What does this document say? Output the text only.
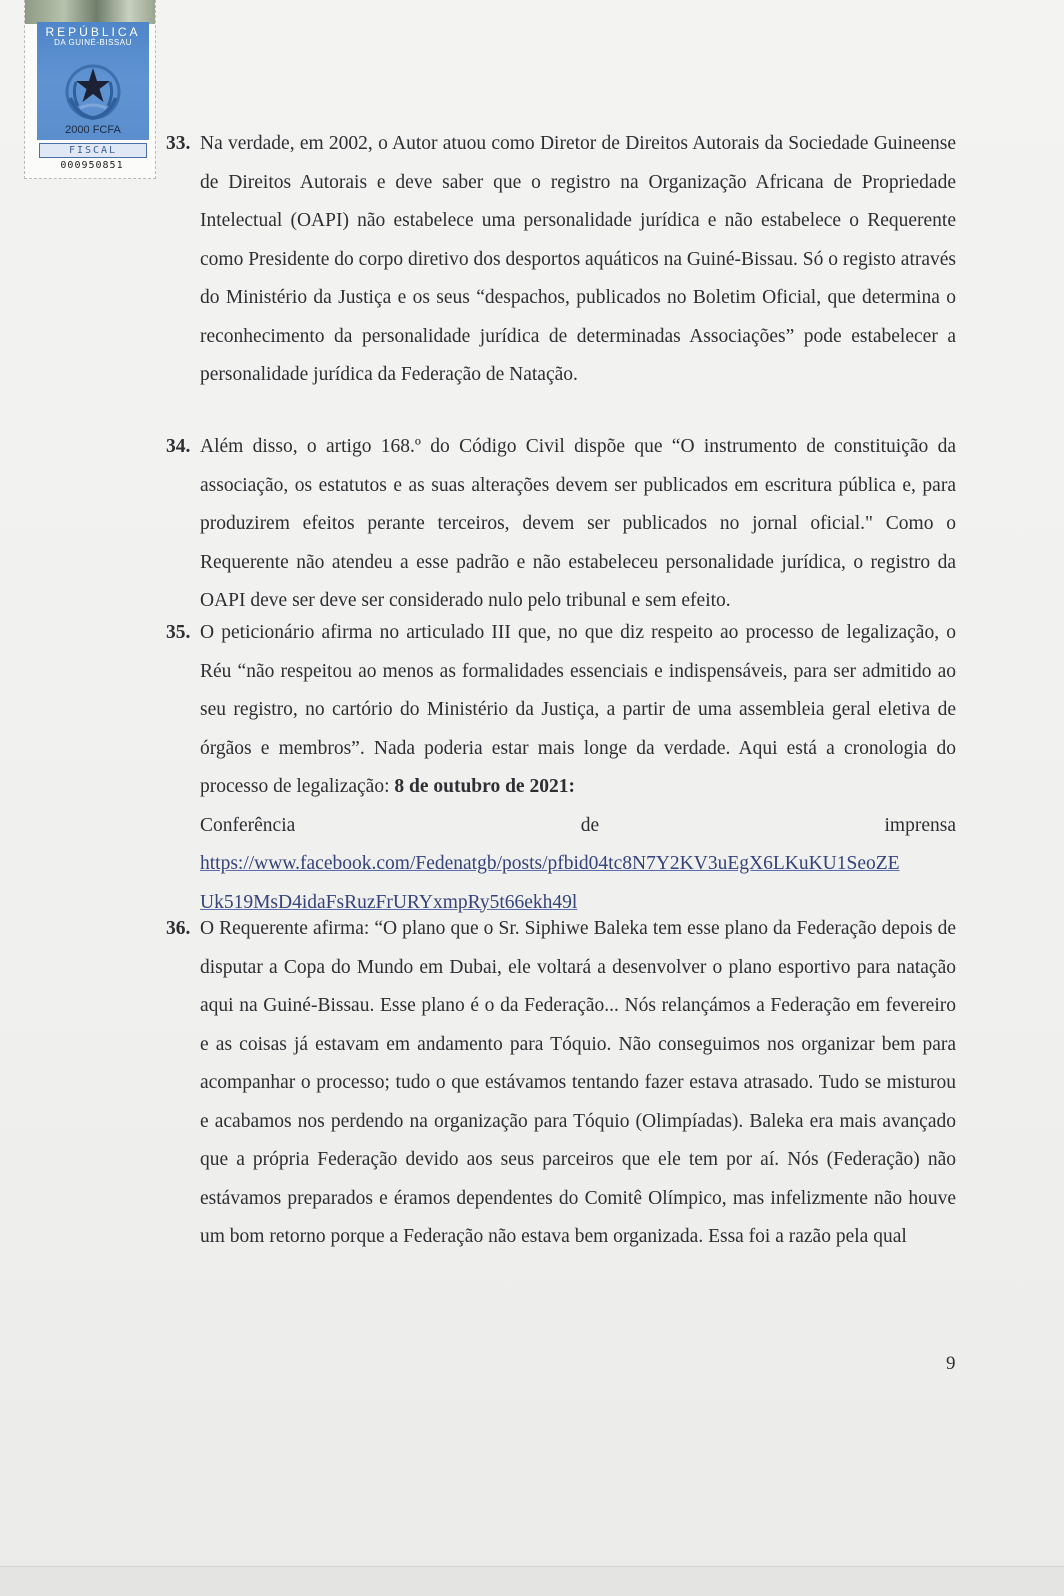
REPÚBLICA
DA GUINÉ-BISSAU
2000 FCFA
FISCAL
000950851
33. Na verdade, em 2002, o Autor atuou como Diretor de Direitos Autorais da Sociedade Guineense de Direitos Autorais e deve saber que o registro na Organização Africana de Propriedade Intelectual (OAPI) não estabelece uma personalidade jurídica e não estabelece o Requerente como Presidente do corpo diretivo dos desportos aquáticos na Guiné-Bissau. Só o registo através do Ministério da Justiça e os seus “despachos, publicados no Boletim Oficial, que determina o reconhecimento da personalidade jurídica de determinadas Associações” pode estabelecer a personalidade jurídica da Federação de Natação.

34. Além disso, o artigo 168.º do Código Civil dispõe que “O instrumento de constituição da associação, os estatutos e as suas alterações devem ser publicados em escritura pública e, para produzirem efeitos perante terceiros, devem ser publicados no jornal oficial." Como o Requerente não atendeu a esse padrão e não estabeleceu personalidade jurídica, o registro da OAPI deve ser deve ser considerado nulo pelo tribunal e sem efeito.

35. O peticionário afirma no articulado III que, no que diz respeito ao processo de legalização, o Réu “não respeitou ao menos as formalidades essenciais e indispensáveis, para ser admitido ao seu registro, no cartório do Ministério da Justiça, a partir de uma assembleia geral eletiva de órgãos e membros”. Nada poderia estar mais longe da verdade. Aqui está a cronologia do processo de legalização: 8 de outubro de 2021:

Conferência	de	imprensa
https://www.facebook.com/Fedenatgb/posts/pfbid04tc8N7Y2KV3uEgX6LKuKU1SeoZE
Uk519MsD4idaFsRuzFrURYxmpRy5t66ekh49l
36. O Requerente afirma: “O plano que o Sr. Siphiwe Baleka tem esse plano da Federação depois de disputar a Copa do Mundo em Dubai, ele voltará a desenvolver o plano esportivo para natação aqui na Guiné-Bissau. Esse plano é o da Federação... Nós relançámos a Federação em fevereiro e as coisas já estavam em andamento para Tóquio. Não conseguimos nos organizar bem para acompanhar o processo; tudo o que estávamos tentando fazer estava atrasado. Tudo se misturou e acabamos nos perdendo na organização para Tóquio (Olimpíadas). Baleka era mais avançado que a própria Federação devido aos seus parceiros que ele tem por aí. Nós (Federação) não estávamos preparados e éramos dependentes do Comitê Olímpico, mas infelizmente não houve um bom retorno porque a Federação não estava bem organizada. Essa foi a razão pela qual

9
